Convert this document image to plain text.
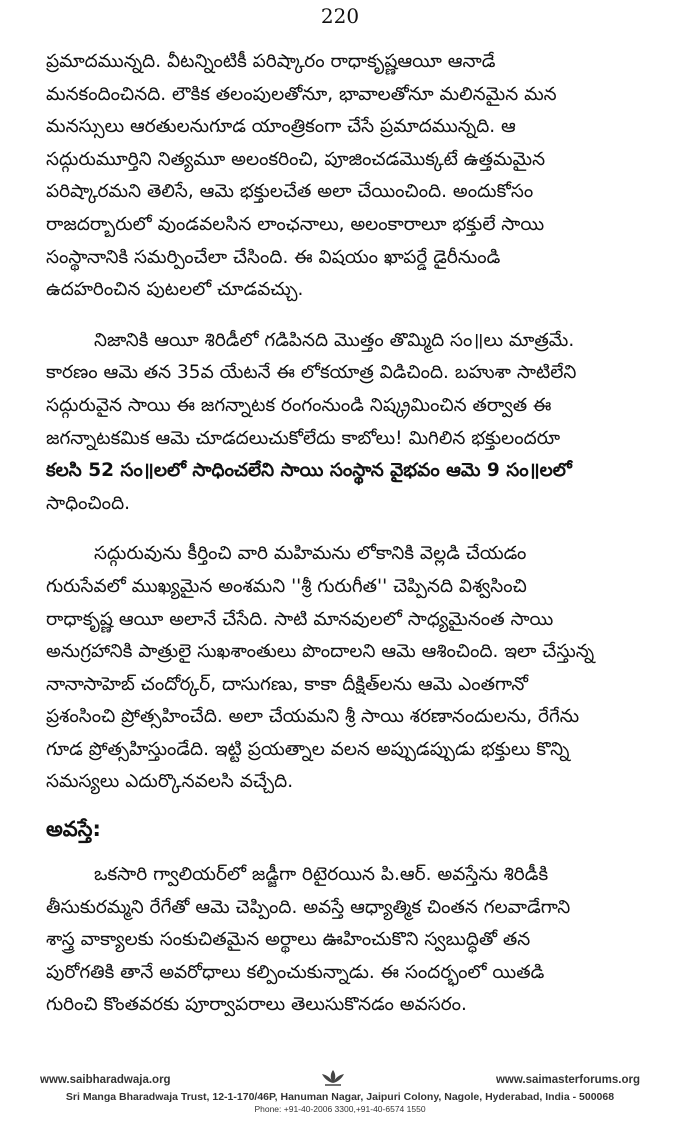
220

ప్రమాదమున్నది. వీటన్నింటికీ పరిష్కారం రాధాకృష్ణఆయీ ఆనాడే
మనకందించినది. లౌకిక తలంపులతోనూ, భావాలతోనూ మలినమైన మన
మనస్సులు ఆరతులనుగూడ యాంత్రికంగా చేసే ప్రమాదమున్నది. ఆ
సద్గురుమూర్తిని నిత్యమూ అలంకరించి, పూజించడమొక్కటే ఉత్తమమైన
పరిష్కారమని తెలిసే, ఆమె భక్తులచేత అలా చేయించింది. అందుకోసం
రాజదర్బారులో వుండవలసిన లాంఛనాలు, అలంకారాలూ భక్తులే సాయి
సంస్థానానికి సమర్పించేలా చేసింది. ఈ విషయం ఖాపర్డే డైరీనుండి
ఉదహరించిన పుటలలో చూడవచ్చు.

నిజానికి ఆయీ శిరిడీలో గడిపినది మొత్తం తొమ్మిది సం॥లు మాత్రమే.
కారణం ఆమె తన 35వ యేటనే ఈ లోకయాత్ర విడిచింది. బహుశా సాటిలేని
సద్గురువైన సాయి ఈ జగన్నాటక రంగంనుండి నిష్క్రమించిన తర్వాత ఈ
జగన్నాటకమిక ఆమె చూడదలుచుకోలేదు కాబోలు! మిగిలిన భక్తులందరూ
కలసి 52 సం॥లలో సాధించలేని సాయి సంస్థాన వైభవం ఆమె 9 సం॥లలో
సాధించింది.

సద్గురువును కీర్తించి వారి మహిమను లోకానికి వెల్లడి చేయడం
గురుసేవలో ముఖ్యమైన అంశమని ''శ్రీ గురుగీత'' చెప్పినది విశ్వసించి
రాధాకృష్ణ ఆయీ అలానే చేసేది. సాటి మానవులలో సాధ్యమైనంత సాయి
అనుగ్రహానికి పాత్రులై సుఖశాంతులు పొందాలని ఆమె ఆశించింది. ఇలా చేస్తున్న
నానాసాహెబ్ చందోర్కర్, దాసుగణు, కాకా దీక్షిత్‌లను ఆమె ఎంతగానో
ప్రశంసించి ప్రోత్సహించేది. అలా చేయమని శ్రీ సాయి శరణానందులను, రేగేను
గూడ ప్రోత్సహిస్తుండేది. ఇట్టి ప్రయత్నాల వలన అప్పుడప్పుడు భక్తులు కొన్ని
సమస్యలు ఎదుర్కొనవలసి వచ్చేది.

అవస్తే:

ఒకసారి గ్వాలియర్‌లో జడ్జీగా రిటైరయిన పి.ఆర్. అవస్తేను శిరిడీకి
తీసుకురమ్మని రేగేతో ఆమె చెప్పింది. అవస్తే ఆధ్యాత్మిక చింతన గలవాడేగాని
శాస్త్ర వాక్యాలకు సంకుచితమైన అర్థాలు ఊహించుకొని స్వబుద్ధితో తన
పురోగతికి తానే అవరోధాలు కల్పించుకున్నాడు. ఈ సందర్భంలో యితడి
గురించి కొంతవరకు పూర్వాపరాలు తెలుసుకొనడం అవసరం.

www.saibharadwaja.org	www.saimasterforums.org
Sri Manga Bharadwaja Trust, 12-1-170/46P, Hanuman Nagar, Jaipuri Colony, Nagole, Hyderabad, India - 500068
Phone: +91-40-2006 3300,+91-40-6574 1550
